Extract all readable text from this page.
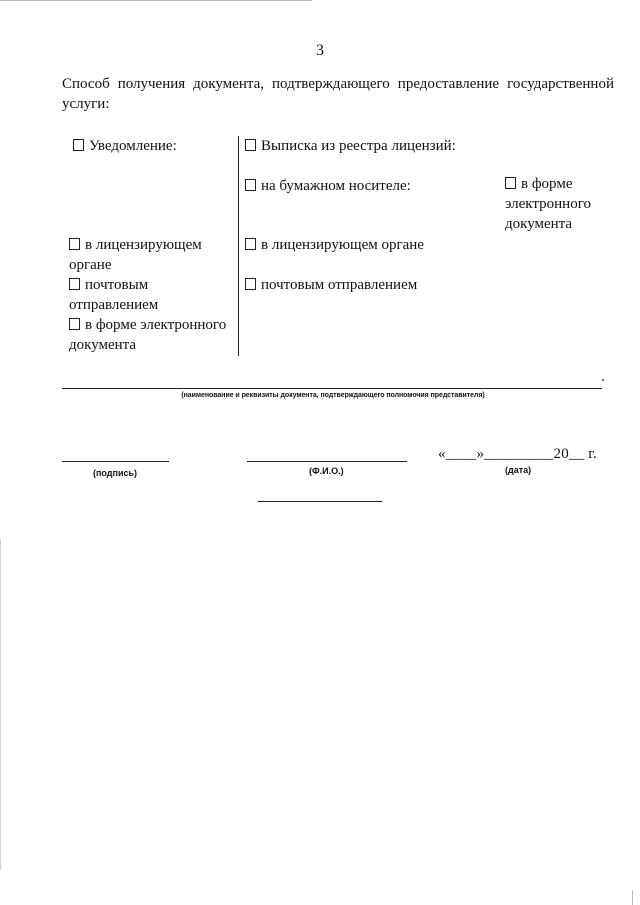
3
Способ получения документа, подтверждающего предоставление государственной услуги:
Уведомление:
в лицензирующем органе
почтовым отправлением
в форме электронного документа
Выписка из реестра лицензий:
на бумажном носителе:	в форме электронного документа
в лицензирующем органе
почтовым отправлением
(наименование и реквизиты документа, подтверждающего полномочия представителя)
(подпись)	(Ф.И.О.)
«____»_________20__ г.
(дата)
